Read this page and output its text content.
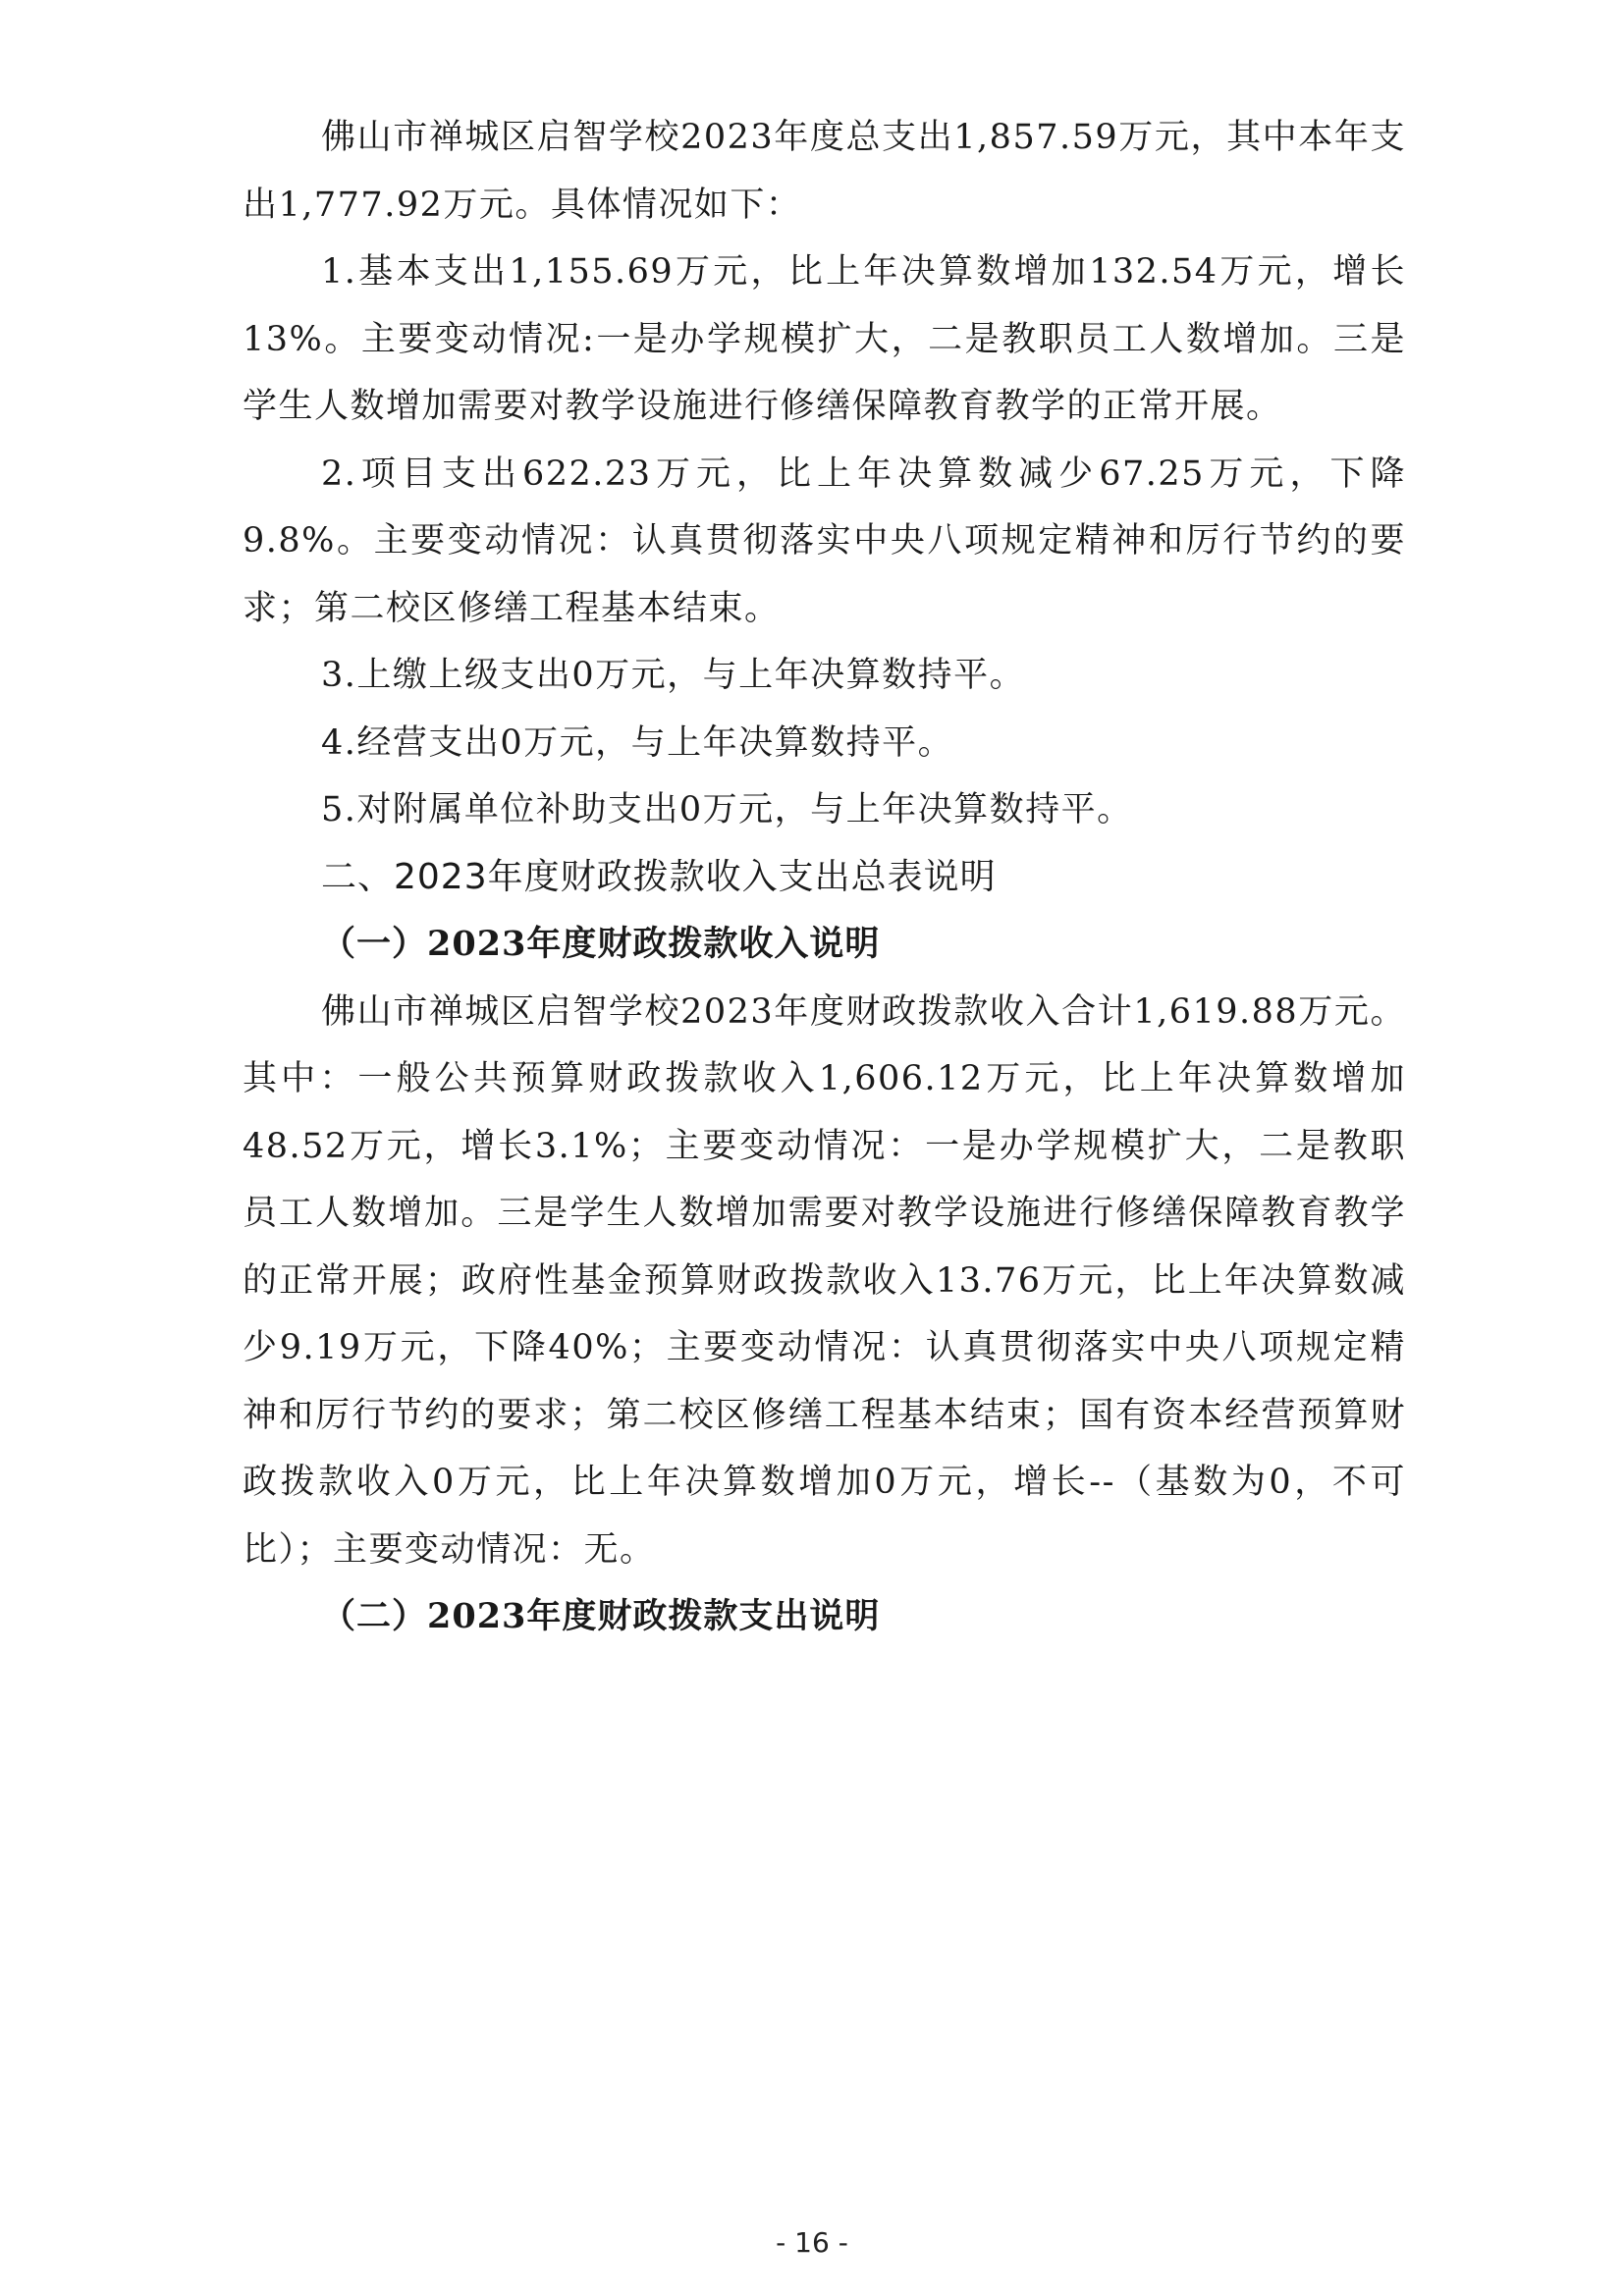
佛山市禅城区启智学校2023年度总支出1,857.59万元，其中本年支出1,777.92万元。具体情况如下：

1.基本支出1,155.69万元，比上年决算数增加132.54万元，增长13%。主要变动情况:一是办学规模扩大，二是教职员工人数增加。三是学生人数增加需要对教学设施进行修缮保障教育教学的正常开展。

2.项目支出622.23万元，比上年决算数减少67.25万元，下降9.8%。主要变动情况：认真贯彻落实中央八项规定精神和厉行节约的要求；第二校区修缮工程基本结束。

3.上缴上级支出0万元，与上年决算数持平。

4.经营支出0万元，与上年决算数持平。

5.对附属单位补助支出0万元，与上年决算数持平。

二、2023年度财政拨款收入支出总表说明

（一）2023年度财政拨款收入说明

佛山市禅城区启智学校2023年度财政拨款收入合计1,619.88万元。其中：一般公共预算财政拨款收入1,606.12万元，比上年决算数增加48.52万元，增长3.1%；主要变动情况：一是办学规模扩大，二是教职员工人数增加。三是学生人数增加需要对教学设施进行修缮保障教育教学的正常开展；政府性基金预算财政拨款收入13.76万元，比上年决算数减少9.19万元，下降40%；主要变动情况：认真贯彻落实中央八项规定精神和厉行节约的要求；第二校区修缮工程基本结束；国有资本经营预算财政拨款收入0万元，比上年决算数增加0万元，增长--（基数为0，不可比）；主要变动情况：无。

（二）2023年度财政拨款支出说明

- 16 -
